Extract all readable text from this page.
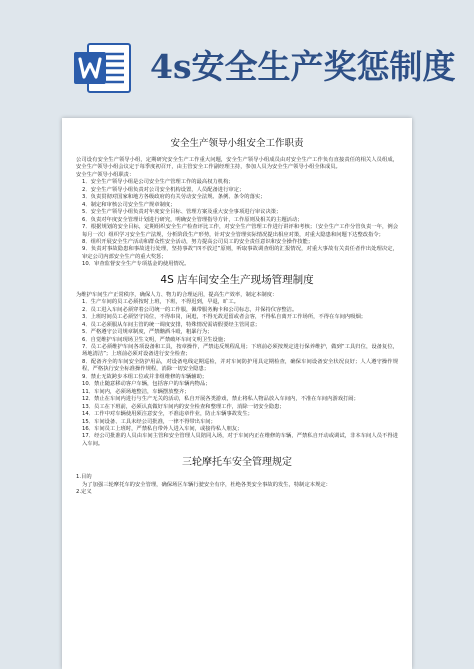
4s安全生产奖惩制度
安全生产领导小组安全工作职责
公司设有安全生产领导小组，定期研究安全生产工作重大问题，安全生产领导小组成员由对安全生产工作负有直接责任的相关人员组成，安全生产领导小组会议定于每季度初召开，由主管安全工作副经理主持，参加人员为安全生产领导小组全体成员。
安全生产领导小组职责：
1．安全生产领导小组是公司安全生产管理工作的最高权力机构；
2．安全生产领导小组负责对公司安全机构设置，人员配备进行审定；
3．负责贯彻对国家和地方各级政府的有关劳动安全法规、条例、条令的落实；
4．制定和审核公司安全生产规章制度；
5．安全生产领导小组负责对年度安全目标、管理方案及重大安全事项进行审议决策；
6．负责对年度安全管理计划进行研究，明确安全管理指导方针，工作原则及相关的主题活动；
7．根据规划的安全目标，定期组织安全生产检查评比工作，对安全生产管理工作进行讲评和考核；（安全生产工作分管负责一年，例会每月一次）组织学习安全生产法规，分析阶段生产形势，针对安全管理实际情况提出相应对策，对重大隐患和问题下达整改指令；
8．组织开展安全生产活动和群众性安全活动，努力提高公司员工的安全责任意识和安全操作技能；
9．负责对事故隐患和事故进行处理，坚持事故“四不放过”原则，听取事故调查组的汇报情况，对重大事故有关责任者作出处理决定，审定公司内部安全生产的重大奖惩；
10．审查监督安全生产专项基金的使用情况。
4S 店车间安全生产现场管理制度
为维护车间生产正常秩序，确保人力、物力的合理运用，提高生产效率，制定本制度：
1．生产车间的员工必须按时上班，下班，不得迟到，早退，旷工。
2．员工进入车间必须穿着公司统一的工作服，佩带服务胸卡和公司标志，并保持仪容整洁。
3．上班时间员工必须坚守岗位，不得串岗，闲逛，不得无故逗留或者会客，不得私自离开工作场所，不得在车间内吸烟；
4．员工必须服从车间主管的统一调度安排，特殊情况需请假要经主管同意；
5．严格遵守公司规章制度，严禁酗酒斗殴，粗暴行为；
6．自觉维护车间现场卫生文明，严禁破坏车间文明卫生设施；
7．员工必须维护车间各项设备和工具，按章操作，严禁违反规程乱用；下班前必须按规定进行保养维护，做到“工具归位，设备复位，场地清洁”；上班前必须对设备进行安全检查；
8．配备齐全的车间安全防护用品，对设备电线定期巡检，并对车间防护用具定期检查，确保车间设备安全状况良好；人人遵守操作规程，严格执行安全标准操作规程，消除一切安全隐患；
9．禁止无故跨步本组工位或并非组维修的车辆辅助；
10．禁止随意移动客户车辆，包括客户的车辆内物品；
11．车间内，必须场地整洁，车辆摆放整齐；
12．禁止在车间内进行与生产无关的活动，私自开展各类游戏，禁止将私人物品放入车间内，不准在车间内游戏打闹；
13．员工在下班前，必须认真做好车间内的安全检查和整理工作，消除一切安全隐患；
14．工作中对车辆使用须注意安全，不准违章作业，防止车辆事故发生；
15．车间设备、工具未经公司批准，一律不得带出车间；
16．车间员工上班时，严禁私自带外人进入车间，或接待私人朋友；
17．经公司批准的人员由车间主管和安全管理人员陪同入场，对于车间内正在维修的车辆，严禁私自开动或调试，非本车间人员不得进入车间。
三轮摩托车安全管理规定
1.目的
为了加强三轮摩托车的安全管理，确保场区车辆行驶安全有序，杜绝各类安全事故的发生，特制定本规定：
2.定义
